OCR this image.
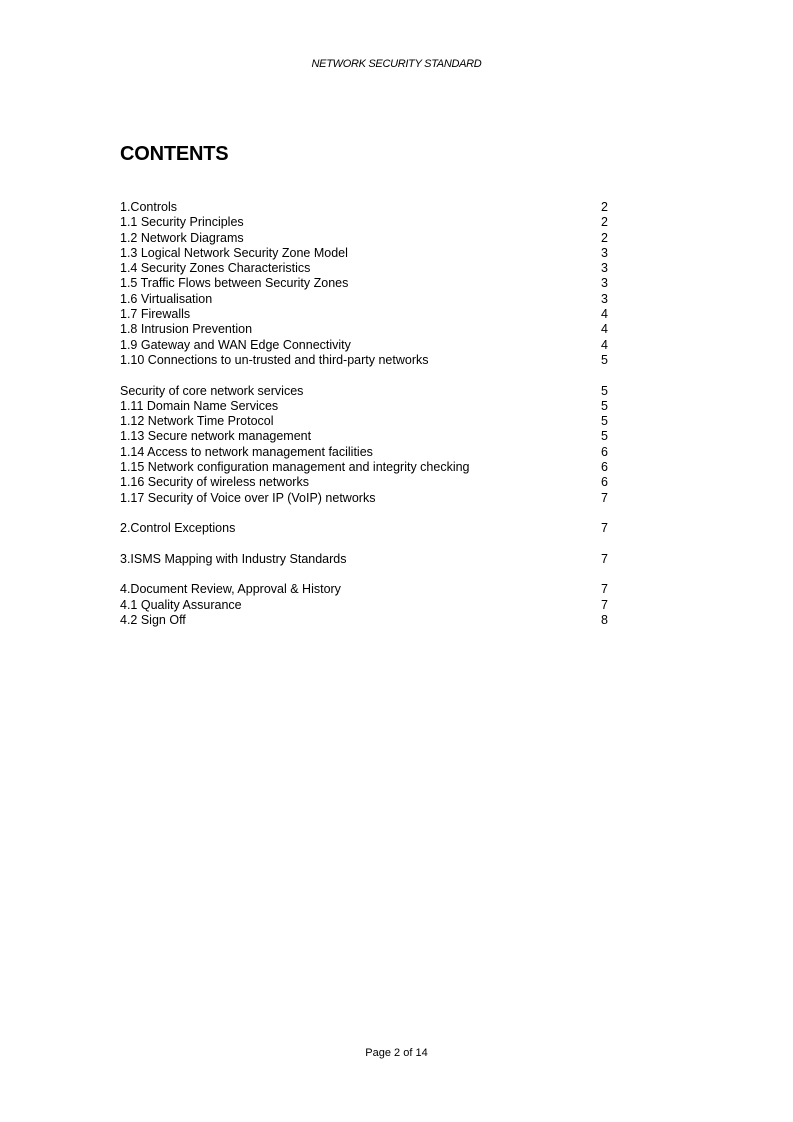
NETWORK SECURITY STANDARD
CONTENTS
1.Controls	2
1.1 Security Principles	2
1.2 Network Diagrams	2
1.3 Logical Network Security Zone Model	3
1.4 Security Zones Characteristics	3
1.5 Traffic Flows between Security Zones	3
1.6 Virtualisation	3
1.7 Firewalls	4
1.8 Intrusion Prevention	4
1.9 Gateway and WAN Edge Connectivity	4
1.10 Connections to un-trusted and third-party networks	5
Security of core network services	5
1.11 Domain Name Services	5
1.12 Network Time Protocol	5
1.13 Secure network management	5
1.14 Access to network management facilities	6
1.15 Network configuration management and integrity checking	6
1.16 Security of wireless networks	6
1.17 Security of Voice over IP (VoIP) networks	7
2.Control Exceptions	7
3.ISMS Mapping with Industry Standards	7
4.Document Review, Approval & History	7
4.1 Quality Assurance	7
4.2 Sign Off	8
Page 2 of 14
